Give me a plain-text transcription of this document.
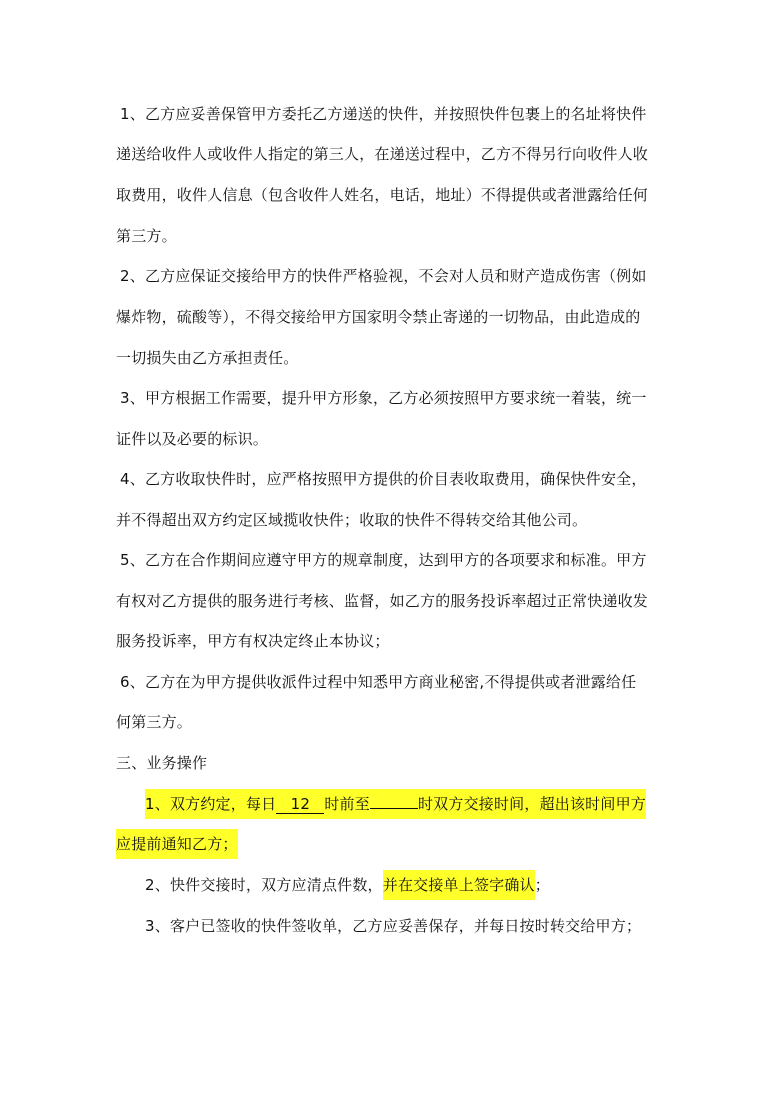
1、乙方应妥善保管甲方委托乙方递送的快件，并按照快件包裹上的名址将快件
递送给收件人或收件人指定的第三人，在递送过程中，乙方不得另行向收件人收
取费用，收件人信息（包含收件人姓名，电话，地址）不得提供或者泄露给任何
第三方。
2、乙方应保证交接给甲方的快件严格验视，不会对人员和财产造成伤害（例如
爆炸物，硫酸等），不得交接给甲方国家明令禁止寄递的一切物品，由此造成的
一切损失由乙方承担责任。
3、甲方根据工作需要，提升甲方形象，乙方必须按照甲方要求统一着装，统一
证件以及必要的标识。
4、乙方收取快件时，应严格按照甲方提供的价目表收取费用，确保快件安全，
并不得超出双方约定区域揽收快件；收取的快件不得转交给其他公司。
5、乙方在合作期间应遵守甲方的规章制度，达到甲方的各项要求和标准。甲方
有权对乙方提供的服务进行考核、监督，如乙方的服务投诉率超过正常快递收发
服务投诉率，甲方有权决定终止本协议；
6、乙方在为甲方提供收派件过程中知悉甲方商业秘密,不得提供或者泄露给任
何第三方。
三、业务操作
1、双方约定，每日 12 时前至	时双方交接时间，超出该时间甲方
应提前通知乙方；
2、快件交接时，双方应清点件数，并在交接单上签字确认；
3、客户已签收的快件签收单，乙方应妥善保存，并每日按时转交给甲方；
